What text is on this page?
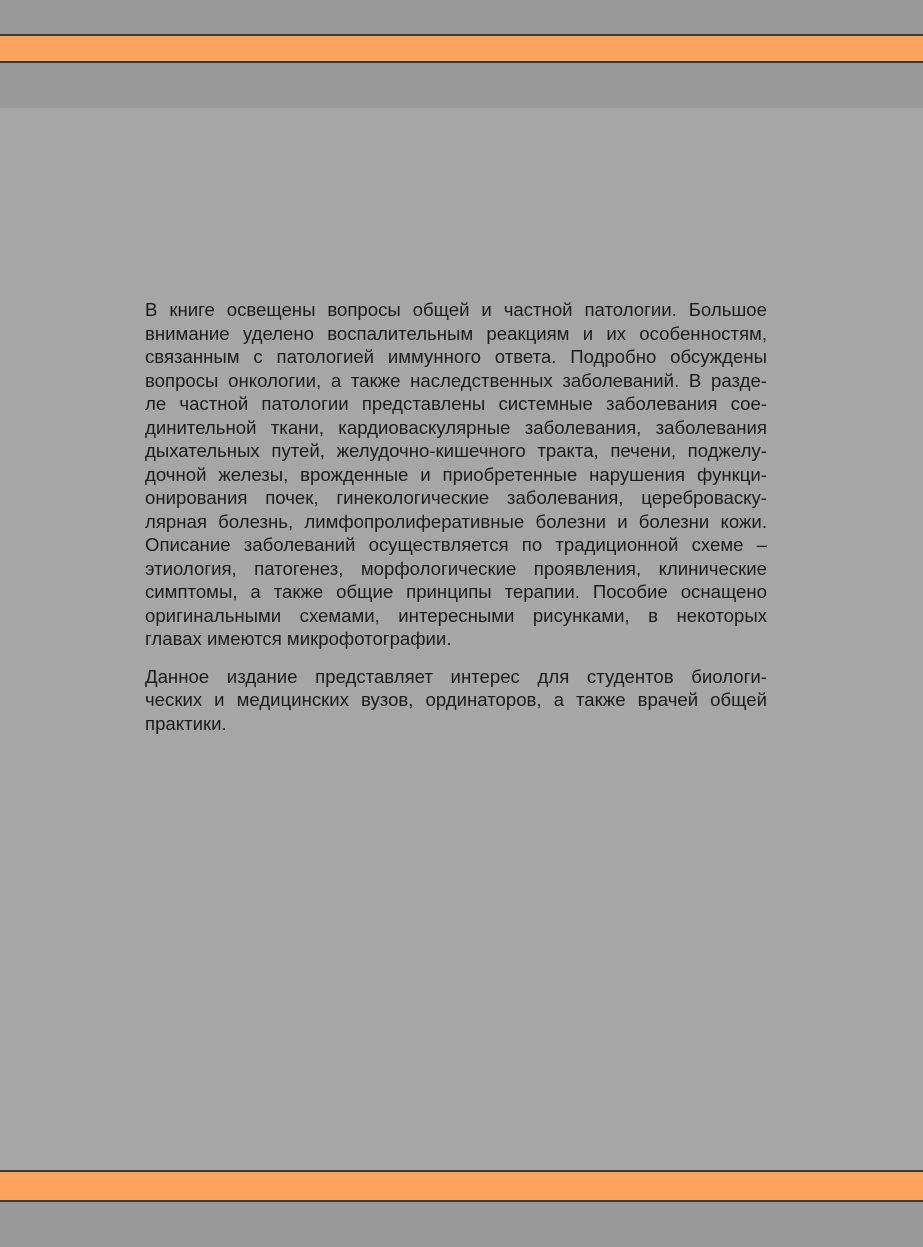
В книге освещены вопросы общей и частной патологии. Большое
внимание уделено воспалительным реакциям и их особенностям,
связанным с патологией иммунного ответа. Подробно обсуждены
вопросы онкологии, а также наследственных заболеваний. В разде-
ле частной патологии представлены системные заболевания сое-
динительной ткани, кардиоваскулярные заболевания, заболевания
дыхательных путей, желудочно-кишечного тракта, печени, поджелу-
дочной железы, врожденные и приобретенные нарушения функци-
онирования почек, гинекологические заболевания, цереброваску-
лярная болезнь, лимфопролиферативные болезни и болезни кожи.
Описание заболеваний осуществляется по традиционной схеме –
этиология, патогенез, морфологические проявления, клинические
симптомы, а также общие принципы терапии. Пособие оснащено
оригинальными схемами, интересными рисунками, в некоторых
главах имеются микрофотографии.
Данное издание представляет интерес для студентов биологи-
ческих и медицинских вузов, ординаторов, а также врачей общей
практики.
